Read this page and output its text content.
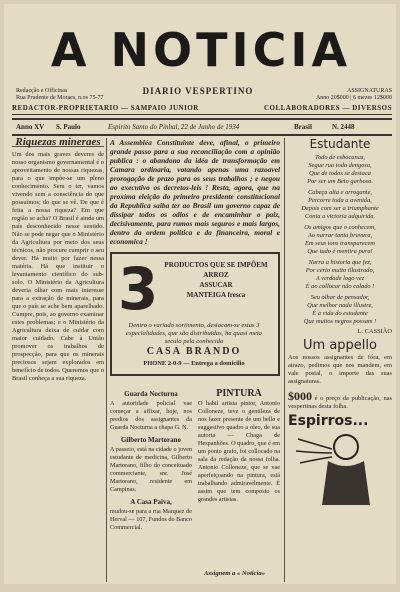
A NOTICIA
Redacção e Officinas
Rua Prudente de Moraes, n.os 75-77
DIARIO VESPERTINO	ASSIGNATURAS
Anno 20$000 | 6 mezes 12$000
REDACTOR-PROPRIETARIO — SAMPAIO JUNIOR	COLLABORADORES — DIVERSOS
Anno XV S. Paulo	Espirito Santo do Pinhal, 22 de Junho de 1934	Brasil	N. 2448
Riquezas mineraes
Um dos mais graves deveres de nosso organismo governamental é o aproveitamento de nossas riquezas, para o que impõe-se um pleno conhecimento. Sem o ter, vamos vivendo sem a consciência do que possuímos; do que se vê. De que é feita a nossa riqueza? Em que região se acha? O Brasil é ainda um país desconhecido nesse sentido. Não se pode negar que o Ministério da Agricultura por meio dos seus técnicos, não procure cumprir o seu dever. Há muito por fazer nessa matéria. Há que instituir o levantamento científico do sub-solo. O Ministério da Agricultura deveria olhar com mais interesse para a extração de minerais, para que o país se ache bem aparelhado. Cumpre, pois, ao governo examinar estes problemas; e o Ministério da Agricultura deixa de cuidar com maior cuidado. Cabe à União promover os trabalhos de prospecção, para que os minerais preciosos sejam explorados em benefício de todos. Queremos que o Brasil conheça a sua riqueza.
A Assembléa Constituinte deve, afinal, o primeiro grande passo para a sua reconciliação com a opinião publica : o abandono da idéa de transformação em Camara ordinaria, votando apenas uma razoavel prorogação de prazo para os seus trabalhos ; e negou ao executivo os decretos-leis ! Resta, agora, que na proxima eleição do primeiro presidente constitucional da Republica saiba ter ao Brasil um governo capaz de dissipar todos os odios e de encaminhar o paiz, decisivamente, para rumos mais seguros e mais largos, dentro da ordem politica e da financeira, moral e economica !
3 PRODUCTOS QUE SE IMPÕEM
ARROZ
ASSUCAR
MANTEIGA fresca
Dentro o variado sortimento, destacam-se estas 3 especialidades, que são distribuidas, ha quasi meio seculo pela conhecida
CASA BRANDO
PHONE 2-0-9 — Entrega a domicilio
Guarda Nocturna
A autoridade policial vae começar a affixar, hoje, nos predios dos assignantes da Guarda Nocturna a chapa G. N.
Gilberto Martorano
A passeio, está na cidade o joven estudante de medicina, Gilberto Martorano, filho do conceituado commerciante, snr. José Martorano, residente em Campinas.
A Casa Paiva,
mudou-se para a rua Marquez de Herval — 107, Fundos do Banco Commercial.
PINTURA
O habil artista pintor, Antonio Colloneze, teve o gentileza de nos fazer presente de um bello e suggestivo quadro a oleo, de sua autoria — Chaga de Hespanhões. O quadro, que é em um ponto grafo, foi collocado na sala da redação da nossa folha. Antonio Colloneze, que se vae aperfeiçoando na pintura, está trabalhando admiravelmente. É assim que tem composto os grandes artistas.
Estudante
Todo de esbocanas,
Segue rua todo dengoso,
Que de todos se destaca
Por ser um Beto garboso.
Cabeça alta e arrogante,
Percorre toda a avenida,
Depois com ser a triumphante
Conta a victoria adquirida.
Os amigos que o conhecem,
Ao narrar tanta bravura,
Em seus tons transparecem
Que tudo é mentira pura!
Narra a historia que fez,
Por certo muito illustrado,
A verdade logo vez
É ao collocar não calado !
Seu olhar de pensador,
Que melhor nada illustre,
É a vida do estudante
Que muitos negros possam !
L. CASSIÃO
Um appello
Aos nossos assignantes de fóra, em atrazo, pedimos que nos mandem, em vale postal, o importe das suas assignaturas.
$000 é o preço da publicação, nas vespertinas desta folha.
Espirros...
Assignem a « Noticia»
